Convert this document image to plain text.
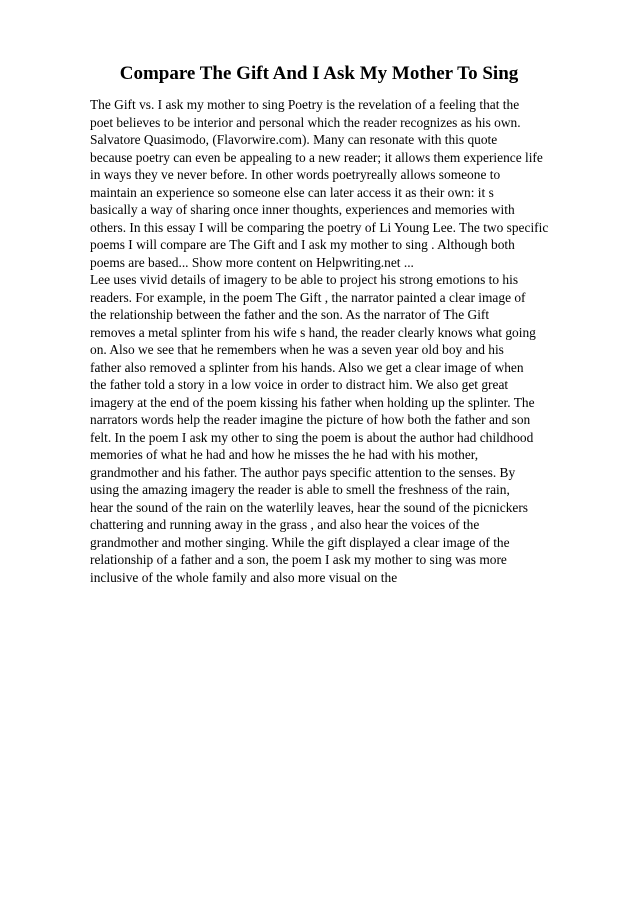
Compare The Gift And I Ask My Mother To Sing
The Gift vs. I ask my mother to sing Poetry is the revelation of a feeling that the
poet believes to be interior and personal which the reader recognizes as his own.
Salvatore Quasimodo, (Flavorwire.com). Many can resonate with this quote
because poetry can even be appealing to a new reader; it allows them experience life
in ways they ve never before. In other words poetryreally allows someone to
maintain an experience so someone else can later access it as their own: it s
basically a way of sharing once inner thoughts, experiences and memories with
others. In this essay I will be comparing the poetry of Li Young Lee. The two specific
poems I will compare are The Gift and I ask my mother to sing . Although both
poems are based... Show more content on Helpwriting.net ...
Lee uses vivid details of imagery to be able to project his strong emotions to his
readers. For example, in the poem The Gift , the narrator painted a clear image of
the relationship between the father and the son. As the narrator of The Gift
removes a metal splinter from his wife s hand, the reader clearly knows what going
on. Also we see that he remembers when he was a seven year old boy and his
father also removed a splinter from his hands. Also we get a clear image of when
the father told a story in a low voice in order to distract him. We also get great
imagery at the end of the poem kissing his father when holding up the splinter. The
narrators words help the reader imagine the picture of how both the father and son
felt. In the poem I ask my other to sing the poem is about the author had childhood
memories of what he had and how he misses the he had with his mother,
grandmother and his father. The author pays specific attention to the senses. By
using the amazing imagery the reader is able to smell the freshness of the rain,
hear the sound of the rain on the waterlily leaves, hear the sound of the picnickers
chattering and running away in the grass , and also hear the voices of the
grandmother and mother singing. While the gift displayed a clear image of the
relationship of a father and a son, the poem I ask my mother to sing was more
inclusive of the whole family and also more visual on the
